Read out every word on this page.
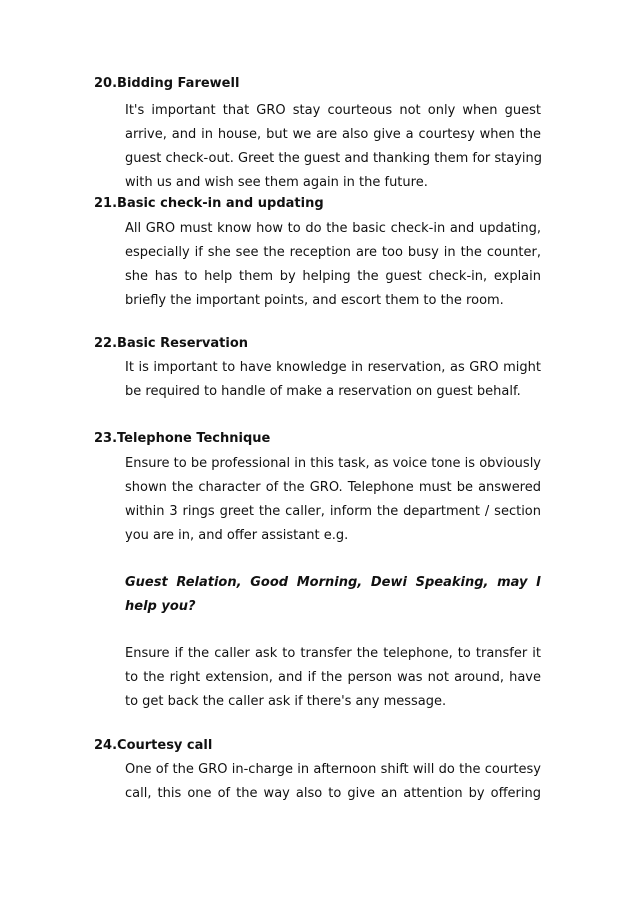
20.Bidding Farewell
It's important that GRO stay courteous not only when guest
arrive, and in house, but we are also give a courtesy when the
guest check-out. Greet the guest and thanking them for staying
with us and wish see them again in the future.
21.Basic check-in and updating
All GRO must know how to do the basic check-in and updating,
especially if she see the reception are too busy in the counter,
she has to help them by helping the guest check-in, explain
briefly the important points, and escort them to the room.
22.Basic Reservation
It is important to have knowledge in reservation, as GRO might
be required to handle of make a reservation on guest behalf.
23.Telephone Technique
Ensure to be professional in this task, as voice tone is obviously
shown the character of the GRO. Telephone must be answered
within 3 rings greet the caller, inform the department / section
you are in, and offer assistant e.g.
Guest Relation, Good Morning, Dewi Speaking, may I
help you?
Ensure if the caller ask to transfer the telephone, to transfer it
to the right extension, and if the person was not around, have
to get back the caller ask if there's any message.
24.Courtesy call
One of the GRO in-charge in afternoon shift will do the courtesy
call, this one of the way also to give an attention by offering
